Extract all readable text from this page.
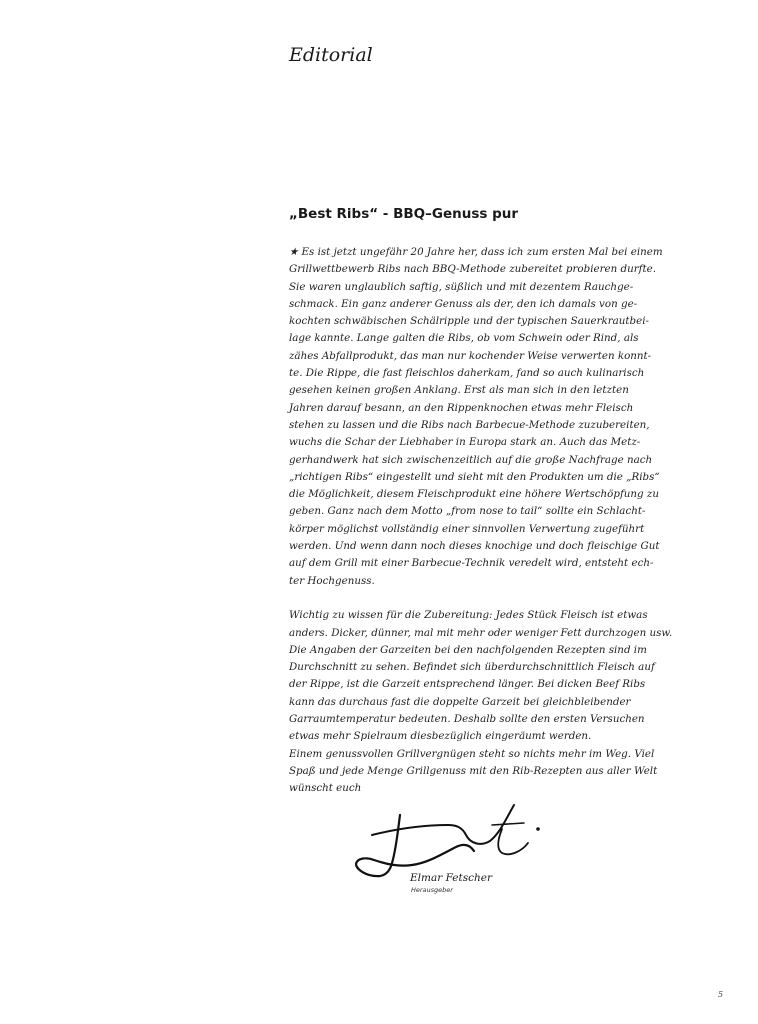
Editorial
„Best Ribs“ - BBQ–Genuss pur
★ Es ist jetzt ungefähr 20 Jahre her, dass ich zum ersten Mal bei einem
Grillwettbewerb Ribs nach BBQ-Methode zubereitet probieren durfte.
Sie waren unglaublich saftig, süßlich und mit dezentem Rauchge-
schmack. Ein ganz anderer Genuss als der, den ich damals von ge-
kochten schwäbischen Schälripple und der typischen Sauerkrautbei-
lage kannte. Lange galten die Ribs, ob vom Schwein oder Rind, als
zähes Abfallprodukt, das man nur kochender Weise verwerten konnt-
te. Die Rippe, die fast fleischlos daherkam, fand so auch kulinarisch
gesehen keinen großen Anklang. Erst als man sich in den letzten
Jahren darauf besann, an den Rippenknochen etwas mehr Fleisch
stehen zu lassen und die Ribs nach Barbecue-Methode zuzubereiten,
wuchs die Schar der Liebhaber in Europa stark an. Auch das Metz-
gerhandwerk hat sich zwischenzeitlich auf die große Nachfrage nach
„richtigen Ribs“ eingestellt und sieht mit den Produkten um die „Ribs“
die Möglichkeit, diesem Fleischprodukt eine höhere Wertschöpfung zu
geben. Ganz nach dem Motto „from nose to tail“ sollte ein Schlacht-
körper möglichst vollständig einer sinnvollen Verwertung zugeführt
werden. Und wenn dann noch dieses knochige und doch fleischige Gut
auf dem Grill mit einer Barbecue-Technik veredelt wird, entsteht ech-
ter Hochgenuss.
Wichtig zu wissen für die Zubereitung: Jedes Stück Fleisch ist etwas
anders. Dicker, dünner, mal mit mehr oder weniger Fett durchzogen usw.
Die Angaben der Garzeiten bei den nachfolgenden Rezepten sind im
Durchschnitt zu sehen. Befindet sich überdurchschnittlich Fleisch auf
der Rippe, ist die Garzeit entsprechend länger. Bei dicken Beef Ribs
kann das durchaus fast die doppelte Garzeit bei gleichbleibender
Garraumtemperatur bedeuten. Deshalb sollte den ersten Versuchen
etwas mehr Spielraum diesbezüglich eingeräumt werden.
Einem genussvollen Grillvergnügen steht so nichts mehr im Weg. Viel
Spaß und jede Menge Grillgenuss mit den Rib-Rezepten aus aller Welt
wünscht euch
Elmar Fetscher
Herausgeber
5
